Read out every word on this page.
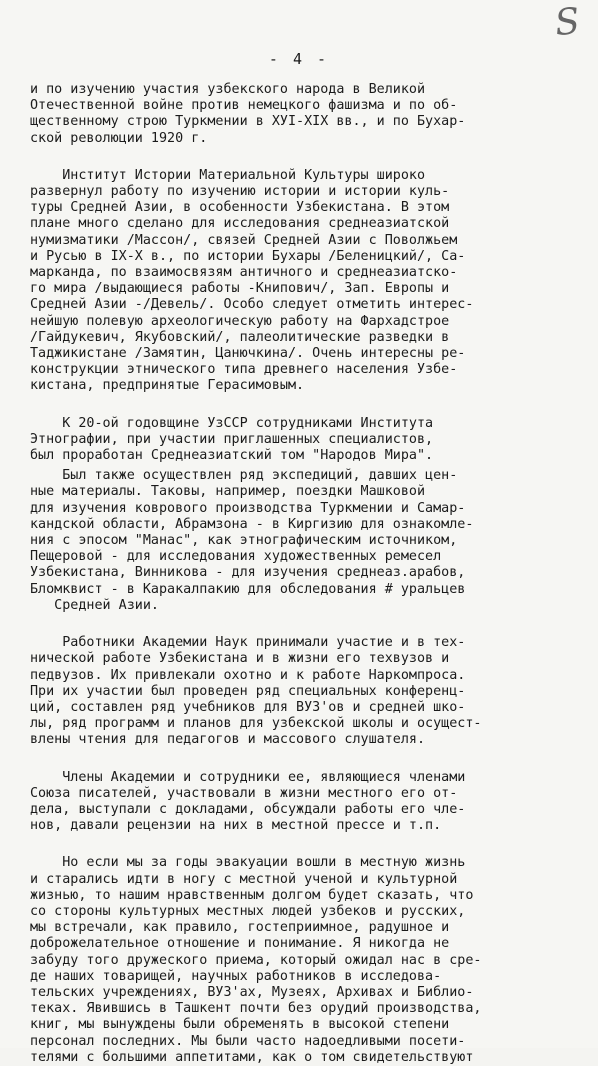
S
- 4 -
и по изучению участия узбекского народа в Великой
Отечественной войне против немецкого фашизма и по об-
щественному строю Туркмении в ХУI-XIX вв., и по Бухар-
ской революции 1920 г.
Институт Истории Материальной Культуры широко
развернул работу по изучению истории и истории куль-
туры Средней Азии, в особенности Узбекистана. В этом
плане много сделано для исследования среднеазиатской
нумизматики /Массон/, связей Средней Азии с Поволжьем
и Русью в IX-X в., по истории Бухары /Беленицкий/, Са-
марканда, по взаимосвязям античного и среднеазиатско-
го мира /выдающиеся работы -Книпович/, Зап. Европы и
Средней Азии -/Девель/. Особо следует отметить интерес-
нейшую полевую археологическую работу на Фархадстрое
/Гайдукевич, Якубовский/, палеолитические разведки в
Таджикистане /Замятин, Цанючкина/. Очень интересны ре-
конструкции этнического типа древнего населения Узбе-
кистана, предпринятые Герасимовым.
К 20-ой годовщине УзССР сотрудниками Института
Этнографии, при участии приглашенных специалистов,
был проработан Среднеазиатский том "Народов Мира".
Был также осуществлен ряд экспедиций, давших цен-
ные материалы. Таковы, например, поездки Машковой
для изучения коврового производства Туркмении и Самар-
кандской области, Абрамзона - в Киргизию для ознакомле-
ния с эпосом "Манас", как этнографическим источником,
Пещеровой - для исследования художественных ремесел
Узбекистана, Винникова - для изучения среднеаз.арабов,
Бломквист - в Каракалпакию для обследования # уральцев
Средней Азии.
Работники Академии Наук принимали участие и в тех-
нической работе Узбекистана и в жизни его техвузов и
педвузов. Их привлекали охотно и к работе Наркомпроса.
При их участии был проведен ряд специальных конференц-
ций, составлен ряд учебников для ВУЗ'ов и средней шко-
лы, ряд программ и планов для узбекской школы и осущест-
влены чтения для педагогов и массового слушателя.
Члены Академии и сотрудники ее, являющиеся членами
Союза писателей, участвовали в жизни местного его от-
дела, выступали с докладами, обсуждали работы его чле-
нов, давали рецензии на них в местной прессе и т.п.
Но если мы за годы эвакуации вошли в местную жизнь
и старались идти в ногу с местной ученой и культурной
жизнью, то нашим нравственным долгом будет сказать, что
со стороны культурных местных людей узбеков и русских,
мы встречали, как правило, гостеприимное, радушное и
доброжелательное отношение и понимание. Я никогда не
забуду того дружеского приема, который ожидал нас в сре-
де наших товарищей, научных работников в исследова-
тельских учреждениях, ВУЗ'ах, Музеях, Архивах и Библио-
теках. Явившись в Ташкент почти без орудий производства,
книг, мы вынуждены были обременять в высокой степени
персонал последних. Мы были часто надоедливыми посети-
телями с большими аппетитами, как о том свидетельствуют
